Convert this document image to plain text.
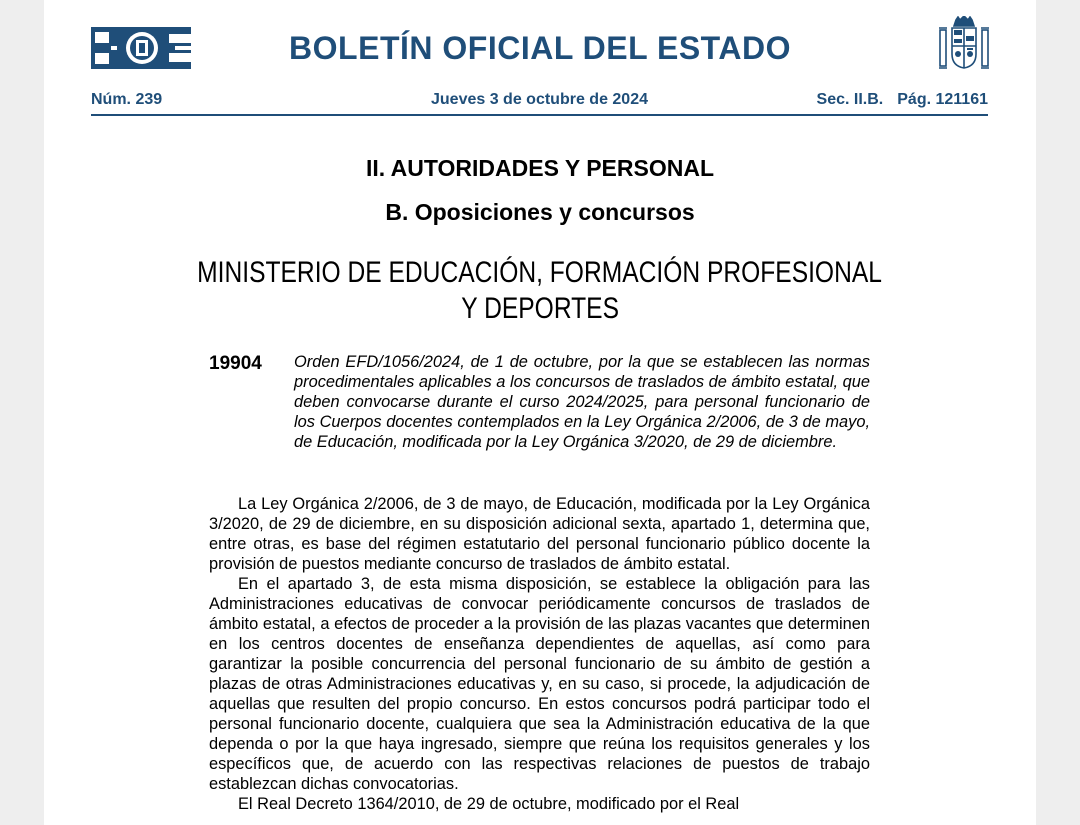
BOLETÍN OFICIAL DEL ESTADO
Núm. 239	Jueves 3 de octubre de 2024	Sec. II.B. Pág. 121161
II. AUTORIDADES Y PERSONAL
B. Oposiciones y concursos
MINISTERIO DE EDUCACIÓN, FORMACIÓN PROFESIONAL
Y DEPORTES
19904 Orden EFD/1056/2024, de 1 de octubre, por la que se establecen las normas procedimentales aplicables a los concursos de traslados de ámbito estatal, que deben convocarse durante el curso 2024/2025, para personal funcionario de los Cuerpos docentes contemplados en la Ley Orgánica 2/2006, de 3 de mayo, de Educación, modificada por la Ley Orgánica 3/2020, de 29 de diciembre.

La Ley Orgánica 2/2006, de 3 de mayo, de Educación, modificada por la Ley Orgánica 3/2020, de 29 de diciembre, en su disposición adicional sexta, apartado 1, determina que, entre otras, es base del régimen estatutario del personal funcionario público docente la provisión de puestos mediante concurso de traslados de ámbito estatal.

En el apartado 3, de esta misma disposición, se establece la obligación para las Administraciones educativas de convocar periódicamente concursos de traslados de ámbito estatal, a efectos de proceder a la provisión de las plazas vacantes que determinen en los centros docentes de enseñanza dependientes de aquellas, así como para garantizar la posible concurrencia del personal funcionario de su ámbito de gestión a plazas de otras Administraciones educativas y, en su caso, si procede, la adjudicación de aquellas que resulten del propio concurso. En estos concursos podrá participar todo el personal funcionario docente, cualquiera que sea la Administración educativa de la que dependa o por la que haya ingresado, siempre que reúna los requisitos generales y los específicos que, de acuerdo con las respectivas relaciones de puestos de trabajo establezcan dichas convocatorias.

El Real Decreto 1364/2010, de 29 de octubre, modificado por el Real
